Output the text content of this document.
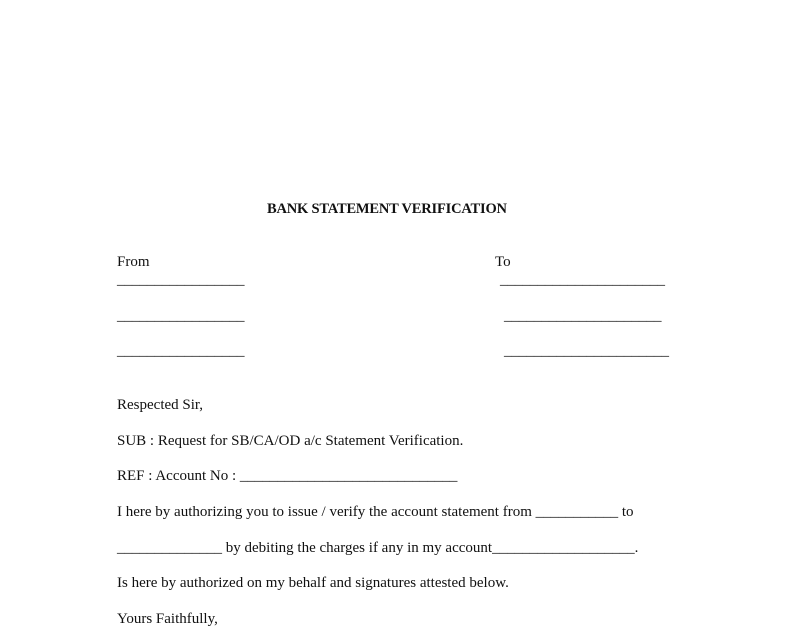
BANK STATEMENT VERIFICATION
From
_________________
_________________
_________________
To
______________________
_____________________
______________________
Respected Sir,
SUB : Request for SB/CA/OD a/c Statement Verification.
REF : Account No : _____________________________
I here by authorizing you to issue / verify the account statement from ___________ to
______________ by debiting the charges if any in my account___________________.
Is here by authorized on my behalf and signatures attested below.
Yours Faithfully,
